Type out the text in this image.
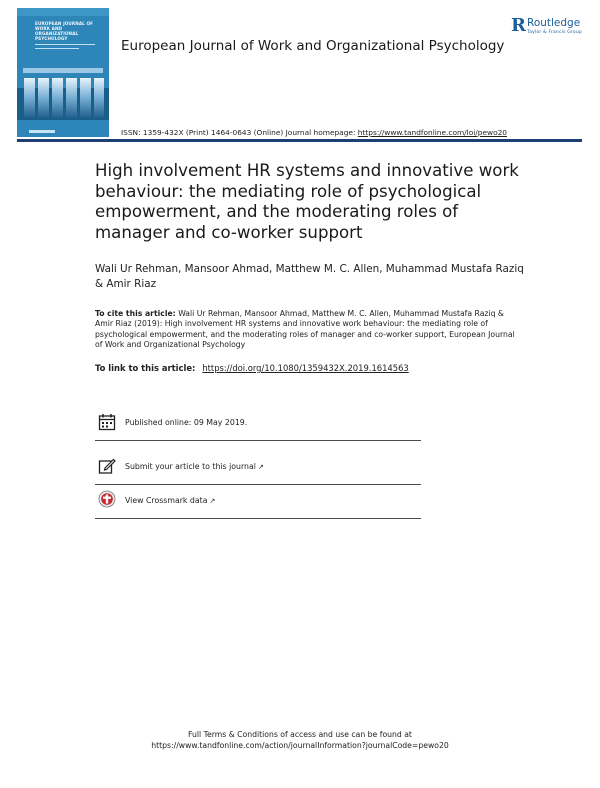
EUROPEAN JOURNAL OF WORK AND ORGANIZATIONAL PSYCHOLOGY	European Journal of Work and Organizational Psychology
R Routledge
Taylor & Francis Group
ISSN: 1359-432X (Print) 1464-0643 (Online) Journal homepage: https://www.tandfonline.com/loi/pewo20
High involvement HR systems and innovative work behaviour: the mediating role of psychological empowerment, and the moderating roles of manager and co-worker support
Wali Ur Rehman, Mansoor Ahmad, Matthew M. C. Allen, Muhammad Mustafa Raziq & Amir Riaz
To cite this article: Wali Ur Rehman, Mansoor Ahmad, Matthew M. C. Allen, Muhammad Mustafa Raziq & Amir Riaz (2019): High involvement HR systems and innovative work behaviour: the mediating role of psychological empowerment, and the moderating roles of manager and co-worker support, European Journal of Work and Organizational Psychology
To link to this article: https://doi.org/10.1080/1359432X.2019.1614563
Published online: 09 May 2019.
Submit your article to this journal ↗
View Crossmark data ↗
Full Terms & Conditions of access and use can be found at
https://www.tandfonline.com/action/journalInformation?journalCode=pewo20
